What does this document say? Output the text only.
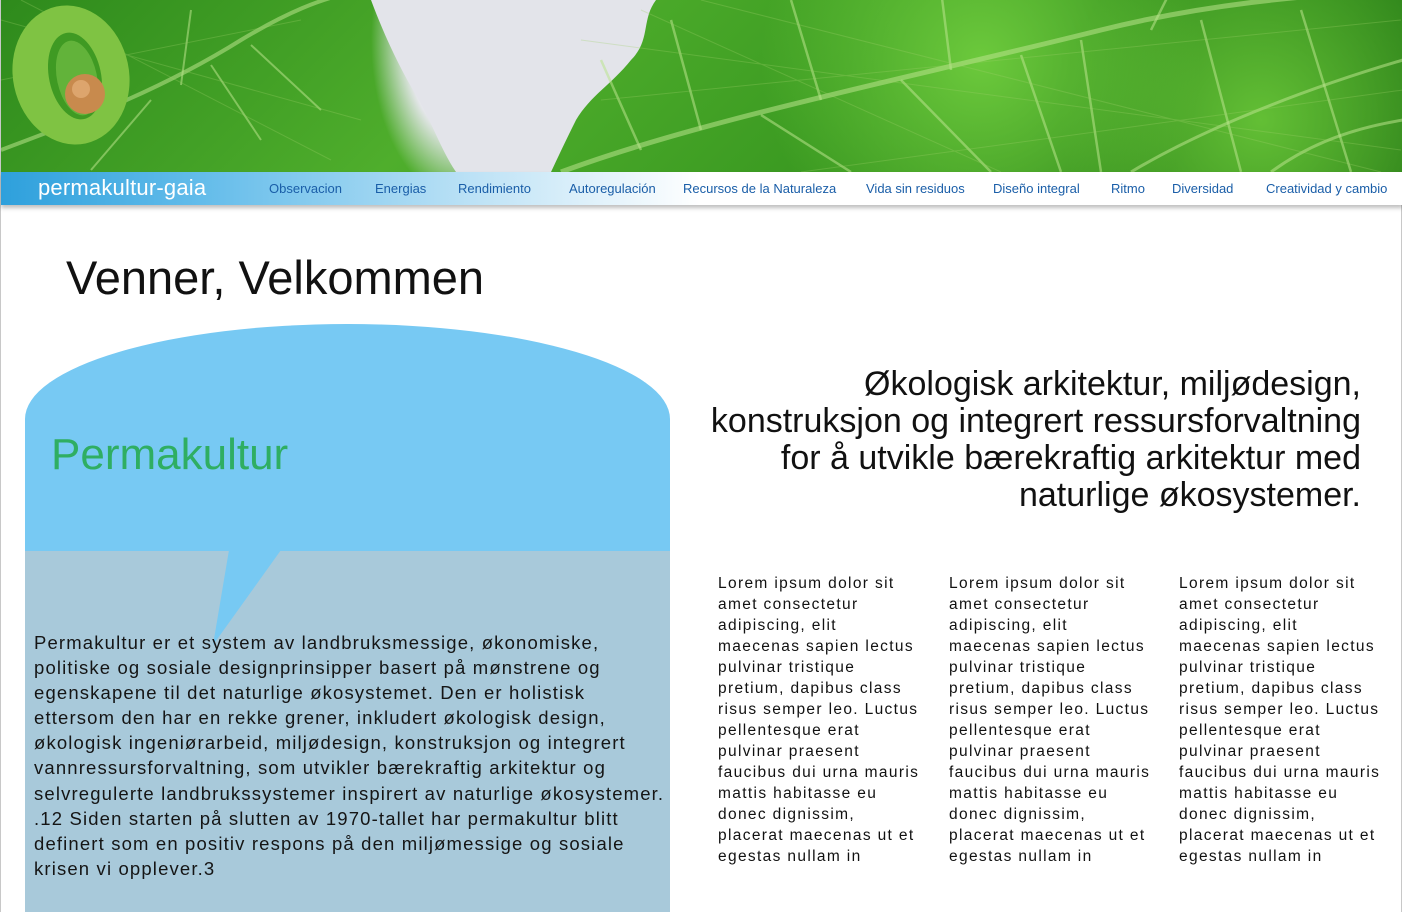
permakultur-gaia	Observacion	Energias Rendimiento	Autoregulación Recursos de la Naturaleza Vida sin residuos Diseño integral Ritmo Diversidad	Creatividad y cambio
Venner, Velkommen
Permakultur

Permakultur er et system av landbruksmessige, økonomiske, politiske og sosiale designprinsipper basert på mønstrene og egenskapene til det naturlige økosystemet. Den er holistisk ettersom den har en rekke grener, inkludert økologisk design, økologisk ingeniørarbeid, miljødesign, konstruksjon og integrert vannressursforvaltning, som utvikler bærekraftig arkitektur og selvregulerte landbrukssystemer inspirert av naturlige økosystemer. .12 Siden starten på slutten av 1970-tallet har permakultur blitt definert som en positiv respons på den miljømessige og sosiale krisen vi opplever.3

Økologisk arkitektur, miljødesign, konstruksjon og integrert ressursforvaltning for å utvikle bærekraftig arkitektur med naturlige økosystemer.

Lorem ipsum dolor sit amet consectetur adipiscing, elit maecenas sapien lectus pulvinar tristique pretium, dapibus class risus semper leo. Luctus pellentesque erat pulvinar praesent faucibus dui urna mauris mattis habitasse eu donec dignissim, placerat maecenas ut et egestas nullam in

Lorem ipsum dolor sit amet consectetur adipiscing, elit maecenas sapien lectus pulvinar tristique pretium, dapibus class risus semper leo. Luctus pellentesque erat pulvinar praesent faucibus dui urna mauris mattis habitasse eu donec dignissim, placerat maecenas ut et egestas nullam in

Lorem ipsum dolor sit amet consectetur adipiscing, elit maecenas sapien lectus pulvinar tristique pretium, dapibus class risus semper leo. Luctus pellentesque erat pulvinar praesent faucibus dui urna mauris mattis habitasse eu donec dignissim, placerat maecenas ut et egestas nullam in
